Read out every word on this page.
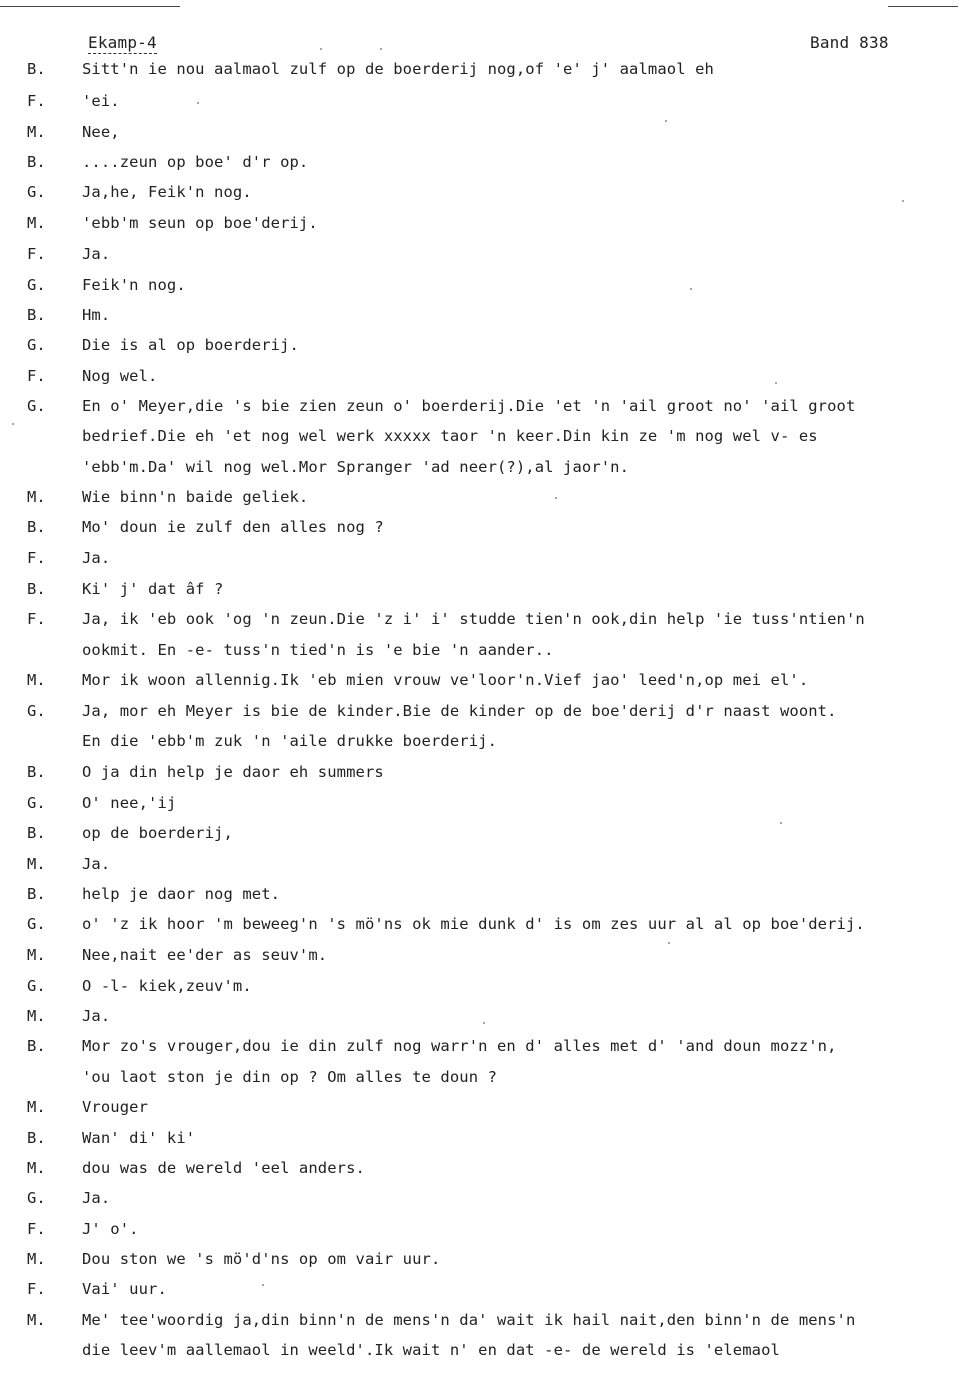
Ekamp-4	Band 838
B. Sitt'n ie nou aalmaol zulf op de boerderij nog,of 'e' j' aalmaol eh
F. 'ei.
M. Nee,
B. ....zeun op boe' d'r op.
G. Ja,he, Feik'n nog.
M. 'ebb'm seun op boe'derij.
F. Ja.
G. Feik'n nog.
B. Hm.
G. Die is al op boerderij.
F. Nog wel.
G. En o' Meyer,die 's bie zien zeun o' boerderij.Die 'et 'n 'ail groot no' 'ail groot
bedrief.Die eh 'et nog wel werk xxxxx taor 'n keer.Din kin ze 'm nog wel v- es
'ebb'm.Da' wil nog wel.Mor Spranger 'ad neer(?),al jaor'n.
M. Wie binn'n baide geliek.
B. Mo' doun ie zulf den alles nog ?
F. Ja.
B. Ki' j' dat âf ?
F. Ja, ik 'eb ook 'og 'n zeun.Die 'z i' i' studde tien'n ook,din help 'ie tuss'ntien'n
ookmit. En -e- tuss'n tied'n is 'e bie 'n aander..
M. Mor ik woon allennig.Ik 'eb mien vrouw ve'loor'n.Vief jao' leed'n,op mei el'.
G. Ja, mor eh Meyer is bie de kinder.Bie de kinder op de boe'derij d'r naast woont.
En die 'ebb'm zuk 'n 'aile drukke boerderij.
B. O ja din help je daor eh summers
G. O' nee,'ij
B. op de boerderij,
M. Ja.
B. help je daor nog met.
G. o' 'z ik hoor 'm beweeg'n 's mö'ns ok mie dunk d' is om zes uur al al op boe'derij.
M. Nee,nait ee'der as seuv'm.
G. O -l- kiek,zeuv'm.
M. Ja.
B. Mor zo's vrouger,dou ie din zulf nog warr'n en d' alles met d' 'and doun mozz'n,
'ou laot ston je din op ? Om alles te doun ?
M. Vrouger
B. Wan' di' ki'
M. dou was de wereld 'eel anders.
G. Ja.
F. J' o'.
M. Dou ston we 's mö'd'ns op om vair uur.
F. Vai' uur.
M. Me' tee'woordig ja,din binn'n de mens'n da' wait ik hail nait,den binn'n de mens'n
die leev'm aallemaol in weeld'.Ik wait n' en dat -e- de wereld is 'elemaol
